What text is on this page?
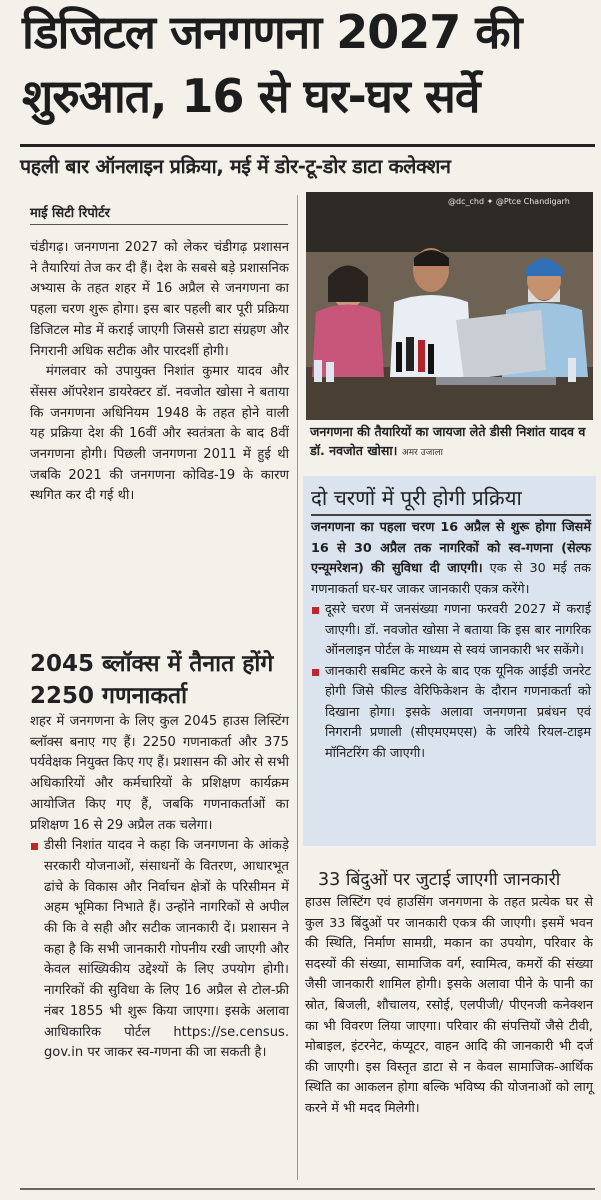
डिजिटल जनगणना 2027 की
शुरुआत, 16 से घर-घर सर्वे
पहली बार ऑनलाइन प्रक्रिया, मई में डोर-टू-डोर डाटा कलेक्शन
माई सिटी रिपोर्टर

चंडीगढ़। जनगणना 2027 को लेकर चंडीगढ़ प्रशासन ने तैयारियां तेज कर दी हैं। देश के सबसे बड़े प्रशासनिक अभ्यास के तहत शहर में 16 अप्रैल से जनगणना का पहला चरण शुरू होगा। इस बार पहली बार पूरी प्रक्रिया डिजिटल मोड में कराई जाएगी जिससे डाटा संग्रहण और निगरानी अधिक सटीक और पारदर्शी होगी।

मंगलवार को उपायुक्त निशांत कुमार यादव और सेंसस ऑपरेशन डायरेक्टर डॉ. नवजोत खोसा ने बताया कि जनगणना अधिनियम 1948 के तहत होने वाली यह प्रक्रिया देश की 16वीं और स्वतंत्रता के बाद 8वीं जनगणना होगी। पिछली जनगणना 2011 में हुई थी जबकि 2021 की जनगणना कोविड-19 के कारण स्थगित कर दी गई थी।

2045 ब्लॉक्स में तैनात होंगे 2250 गणनाकर्ता

शहर में जनगणना के लिए कुल 2045 हाउस लिस्टिंग ब्लॉक्स बनाए गए हैं। 2250 गणनाकर्ता और 375 पर्यवेक्षक नियुक्त किए गए हैं। प्रशासन की ओर से सभी अधिकारियों और कर्मचारियों के प्रशिक्षण कार्यक्रम आयोजित किए गए हैं, जबकि गणनाकर्ताओं का प्रशिक्षण 16 से 29 अप्रैल तक चलेगा।

डीसी निशांत यादव ने कहा कि जनगणना के आंकड़े सरकारी योजनाओं, संसाधनों के वितरण, आधारभूत ढांचे के विकास और निर्वाचन क्षेत्रों के परिसीमन में अहम भूमिका निभाते हैं। उन्होंने नागरिकों से अपील की कि वे सही और सटीक जानकारी दें। प्रशासन ने कहा है कि सभी जानकारी गोपनीय रखी जाएगी और केवल सांख्यिकीय उद्देश्यों के लिए उपयोग होगी। नागरिकों की सुविधा के लिए 16 अप्रैल से टोल-फ्री नंबर 1855 भी शुरू किया जाएगा। इसके अलावा आधिकारिक पोर्टल https://se.census. gov.in पर जाकर स्व-गणना की जा सकती है।

@dc_chd ✦ @Ptce Chandigarh
जनगणना की तैयारियों का जायजा लेते डीसी निशांत यादव व डॉ. नवजोत खोसा। अमर उजाला
दो चरणों में पूरी होगी प्रक्रिया

जनगणना का पहला चरण 16 अप्रैल से शुरू होगा जिसमें 16 से 30 अप्रैल तक नागरिकों को स्व-गणना (सेल्फ एन्यूमरेशन) की सुविधा दी जाएगी। एक से 30 मई तक गणनाकर्ता घर-घर जाकर जानकारी एकत्र करेंगे।

दूसरे चरण में जनसंख्या गणना फरवरी 2027 में कराई जाएगी। डॉ. नवजोत खोसा ने बताया कि इस बार नागरिक ऑनलाइन पोर्टल के माध्यम से स्वयं जानकारी भर सकेंगे।

जानकारी सबमिट करने के बाद एक यूनिक आईडी जनरेट होगी जिसे फील्ड वेरिफिकेशन के दौरान गणनाकर्ता को दिखाना होगा। इसके अलावा जनगणना प्रबंधन एवं निगरानी प्रणाली (सीएमएमएस) के जरिये रियल-टाइम मॉनिटरिंग की जाएगी।

33 बिंदुओं पर जुटाई जाएगी जानकारी

हाउस लिस्टिंग एवं हाउसिंग जनगणना के तहत प्रत्येक घर से कुल 33 बिंदुओं पर जानकारी एकत्र की जाएगी। इसमें भवन की स्थिति, निर्माण सामग्री, मकान का उपयोग, परिवार के सदस्यों की संख्या, सामाजिक वर्ग, स्वामित्व, कमरों की संख्या जैसी जानकारी शामिल होगी। इसके अलावा पीने के पानी का स्रोत, बिजली, शौचालय, रसोई, एलपीजी/ पीएनजी कनेक्शन का भी विवरण लिया जाएगा। परिवार की संपत्तियों जैसे टीवी, मोबाइल, इंटरनेट, कंप्यूटर, वाहन आदि की जानकारी भी दर्ज की जाएगी। इस विस्तृत डाटा से न केवल सामाजिक-आर्थिक स्थिति का आकलन होगा बल्कि भविष्य की योजनाओं को लागू करने में भी मदद मिलेगी।
